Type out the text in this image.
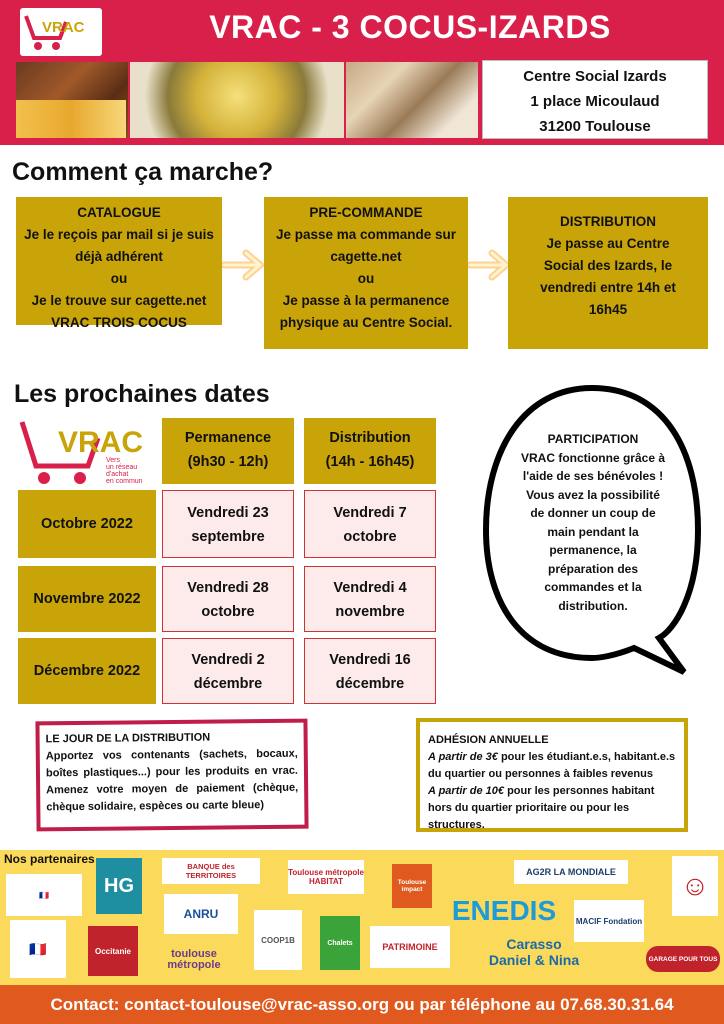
VRAC	VRAC - 3 COCUS-IZARDS
Centre Social Izards
1 place Micoulaud
31200 Toulouse
Comment ça marche?
CATALOGUE
Je le reçois par mail si je suis
déjà adhérent
ou
Je le trouve sur cagette.net
VRAC TROIS COCUS
PRE-COMMANDE
Je passe ma commande sur
cagette.net
ou
Je passe à la permanence
physique au Centre Social.
DISTRIBUTION
Je passe au Centre
Social des Izards, le
vendredi entre 14h et
16h45
Les prochaines dates
VRAC
Vers
un réseau
d'achat
en commun
Permanence
(9h30 - 12h)
Distribution
(14h - 16h45)
Octobre 2022
Vendredi 23
septembre
Vendredi 7
octobre
Novembre 2022
Vendredi 28
octobre
Vendredi 4
novembre
Décembre 2022
Vendredi 2
décembre
Vendredi 16
décembre
PARTICIPATION
VRAC fonctionne grâce à
l'aide de ses bénévoles !
Vous avez la possibilité
de donner un coup de
main pendant la
permanence, la
préparation des
commandes et la
distribution.
LE JOUR DE LA DISTRIBUTION
Apportez vos contenants (sachets, bocaux, boîtes plastiques...) pour les produits en vrac. Amenez votre moyen de paiement (chèque, chèque solidaire, espèces ou carte bleue)
ADHÉSION ANNUELLE
A partir de 3€ pour les étudiant.e.s, habitant.e.s du quartier ou personnes à faibles revenus
A partir de 10€ pour les personnes habitant hors du quartier prioritaire ou pour les structures.
Nos partenaires
🇫🇷
🇫🇷
HG
Occitanie
BANQUE des TERRITOIRES
ANRU
toulouse métropole
COOP1B
Toulouse métropole HABITAT
Chalets	PATRIMOINE
Toulouse impact
AG2R LA MONDIALE
ENEDIS
Carasso Daniel & Nina
MACIF Fondation
☺
GARAGE POUR TOUS
Contact: contact-toulouse@vrac-asso.org ou par téléphone au 07.68.30.31.64
